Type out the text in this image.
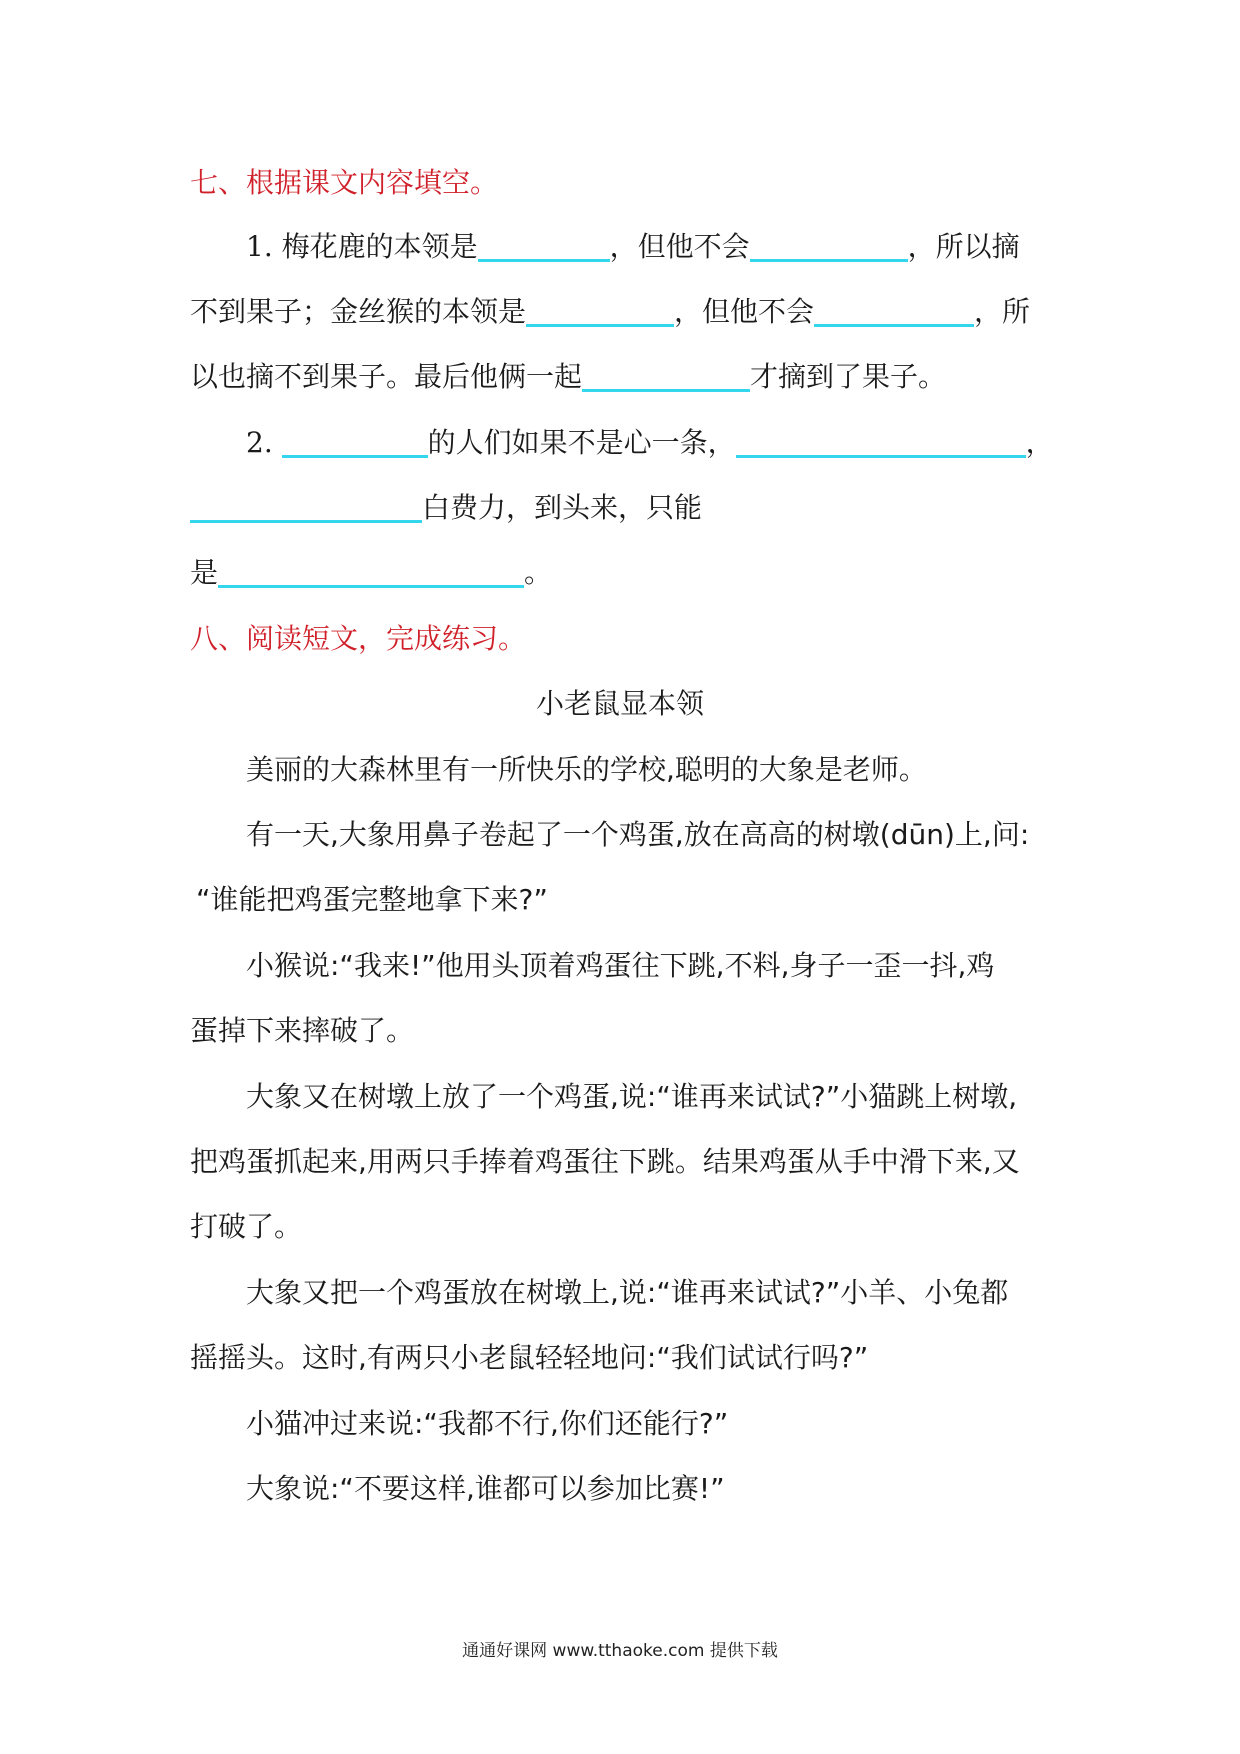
七、根据课文内容填空。
1. 梅花鹿的本领是	，但他不会	，所以摘
不到果子；金丝猴的本领是	，但他不会	，所
以也摘不到果子。最后他俩一起	才摘到了果子。
2.	的人们如果不是心一条，	，
白费力，到头来，只能
是	。
八、阅读短文，完成练习。
小老鼠显本领
美丽的大森林里有一所快乐的学校,聪明的大象是老师。
有一天,大象用鼻子卷起了一个鸡蛋,放在高高的树墩(dūn)上,问:
“谁能把鸡蛋完整地拿下来?”
小猴说:“我来!”他用头顶着鸡蛋往下跳,不料,身子一歪一抖,鸡
蛋掉下来摔破了。
大象又在树墩上放了一个鸡蛋,说:“谁再来试试?”小猫跳上树墩,
把鸡蛋抓起来,用两只手捧着鸡蛋往下跳。结果鸡蛋从手中滑下来,又
打破了。
大象又把一个鸡蛋放在树墩上,说:“谁再来试试?”小羊、小兔都
摇摇头。这时,有两只小老鼠轻轻地问:“我们试试行吗?”
小猫冲过来说:“我都不行,你们还能行?”
大象说:“不要这样,谁都可以参加比赛!”
通通好课网 www.tthaoke.com 提供下载
